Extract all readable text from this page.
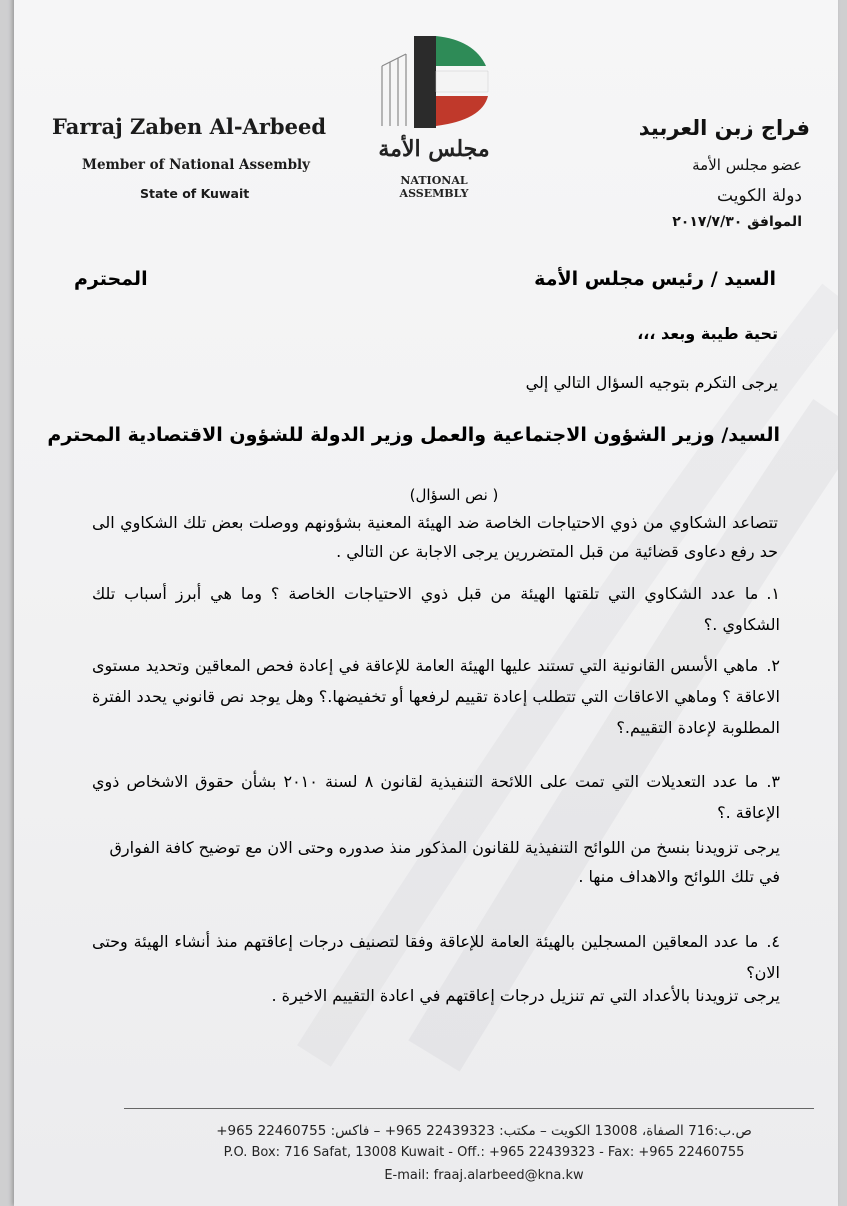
Farraj Zaben Al-Arbeed

Member of National Assembly

State of Kuwait

مجلس الأمة

NATIONAL ASSEMBLY

فراج زبن العربيد

عضو مجلس الأمة

دولة الكويت

الموافق ٢٠١٧/٧/٣٠

السيد / رئيس مجلس الأمة
المحترم

تحية طيبة وبعد ،،،

يرجى التكرم بتوجيه السؤال التالي إلي

السيد/ وزير الشؤون الاجتماعية والعمل وزير الدولة للشؤون الاقتصادية المحترم

(نص السؤال )

تتصاعد الشكاوي من ذوي الاحتياجات الخاصة ضد الهيئة المعنية بشؤونهم ووصلت بعض تلك الشكاوي الى حد رفع دعاوى قضائية من قبل المتضررين يرجى الاجابة عن التالي .

١.ما عدد الشكاوي التي تلقتها الهيئة من قبل ذوي الاحتياجات الخاصة ؟ وما هي أبرز أسباب تلك الشكاوي .؟
٢.ماهي الأسس القانونية التي تستند عليها الهيئة العامة للإعاقة في إعادة فحص المعاقين وتحديد مستوى الاعاقة ؟ وماهي الاعاقات التي تتطلب إعادة تقييم لرفعها أو تخفيضها.؟ وهل يوجد نص قانوني يحدد الفترة المطلوبة لإعادة التقييم.؟
٣.ما عدد التعديلات التي تمت على اللائحة التنفيذية لقانون ٨ لسنة ٢٠١٠ بشأن حقوق الاشخاص ذوي الإعاقة .؟

يرجى تزويدنا بنسخ من اللوائح التنفيذية للقانون المذكور منذ صدوره وحتى الان مع توضيح كافة الفوارق في تلك اللوائح والاهداف منها .

٤.ما عدد المعاقين المسجلين بالهيئة العامة للإعاقة وفقا لتصنيف درجات إعاقتهم منذ أنشاء الهيئة وحتى الان؟

يرجى تزويدنا بالأعداد التي تم تنزيل درجات إعاقتهم في اعادة التقييم الاخيرة .

ص.ب:716 الصفاة، 13008 الكويت – مكتب: 22439323 965+ – فاكس: 22460755 965+

P.O. Box: 716 Safat, 13008 Kuwait - Off.: +965 22439323 - Fax: +965 22460755

E-mail: fraaj.alarbeed@kna.kw
